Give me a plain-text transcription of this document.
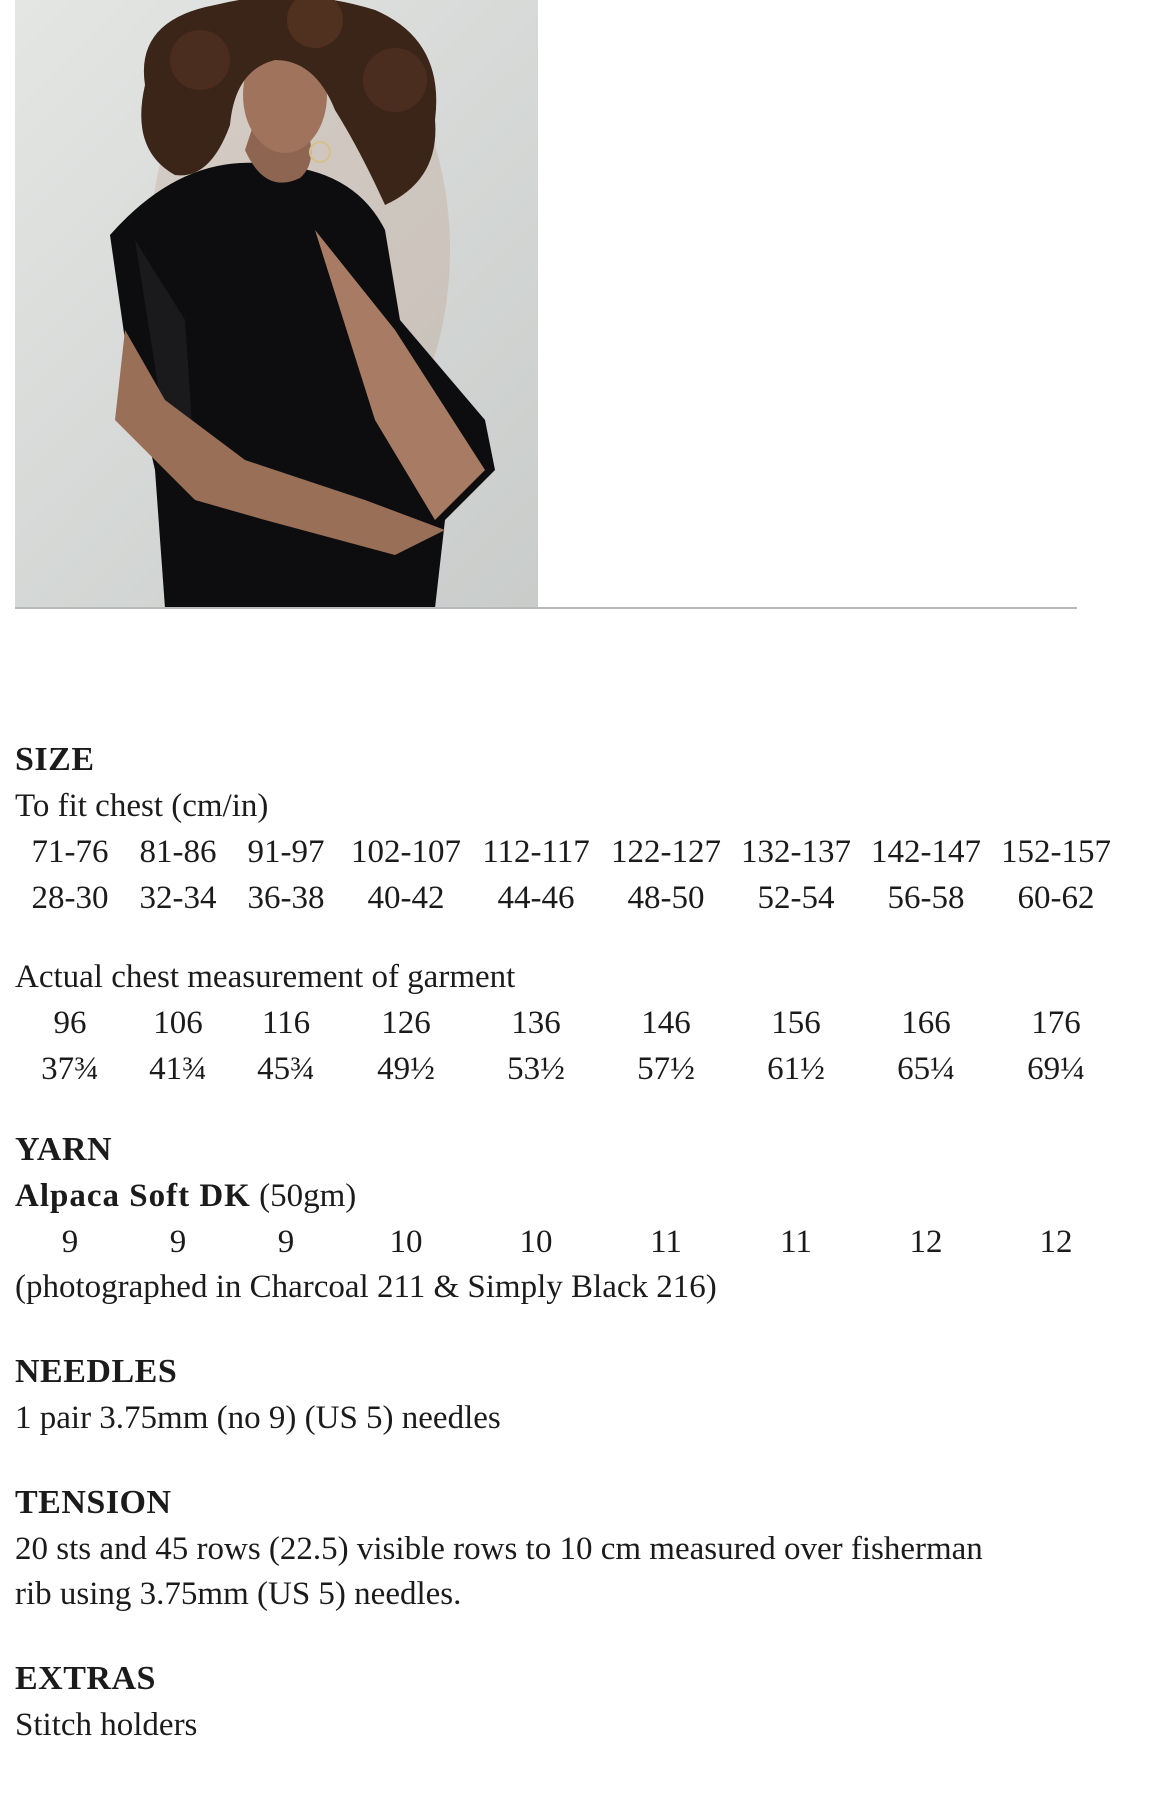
SIZE
To fit chest (cm/in)
71-76 81-86 91-97 102-107 112-117 122-127 132-137 142-147 152-157
28-30 32-34 36-38	40-42	44-46	48-50	52-54	56-58	60-62
Actual chest measurement of garment
96	106	116	126	136	146	156	166	176
37¾	41¾	45¾	49½	53½	57½	61½	65¼	69¼
YARN
Alpaca Soft DK (50gm)
9	9	9	10	10	11	11	12	12
(photographed in Charcoal 211 & Simply Black 216)
NEEDLES
1 pair 3.75mm (no 9) (US 5) needles
TENSION
20 sts and 45 rows (22.5) visible rows to 10 cm measured over fisherman
rib using 3.75mm (US 5) needles.
EXTRAS
Stitch holders
